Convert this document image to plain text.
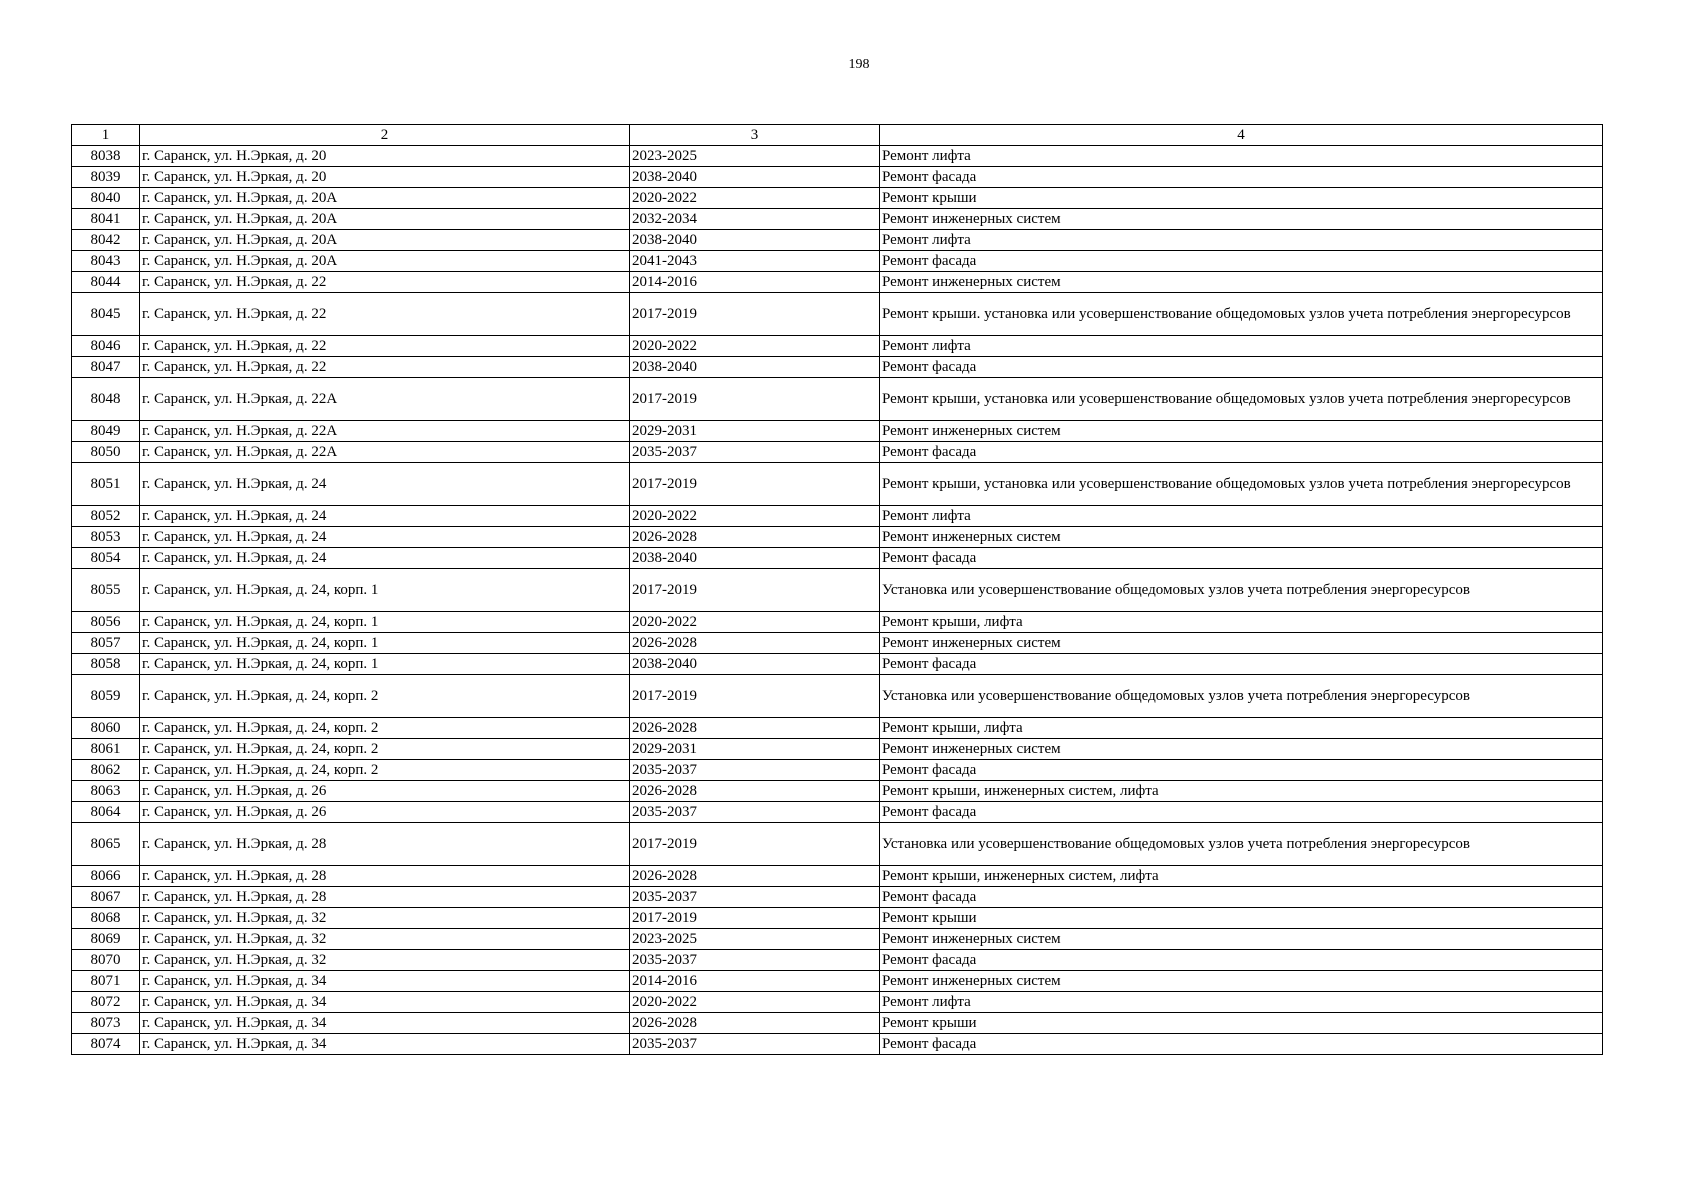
198
1	2	3	4
8038	г. Саранск, ул. Н.Эркая, д. 20	2023-2025	Ремонт лифта
8039	г. Саранск, ул. Н.Эркая, д. 20	2038-2040	Ремонт фасада
8040	г. Саранск, ул. Н.Эркая, д. 20А	2020-2022	Ремонт крыши
8041	г. Саранск, ул. Н.Эркая, д. 20А	2032-2034	Ремонт инженерных систем
8042	г. Саранск, ул. Н.Эркая, д. 20А	2038-2040	Ремонт лифта
8043	г. Саранск, ул. Н.Эркая, д. 20А	2041-2043	Ремонт фасада
8044	г. Саранск, ул. Н.Эркая, д. 22	2014-2016	Ремонт инженерных систем
8045	г. Саранск, ул. Н.Эркая, д. 22	2017-2019	Ремонт крыши. установка или усовершенствование общедомовых узлов учета потребления энергоресурсов
8046	г. Саранск, ул. Н.Эркая, д. 22	2020-2022	Ремонт лифта
8047	г. Саранск, ул. Н.Эркая, д. 22	2038-2040	Ремонт фасада
8048	г. Саранск, ул. Н.Эркая, д. 22А	2017-2019	Ремонт крыши, установка или усовершенствование общедомовых узлов учета потребления энергоресурсов
8049	г. Саранск, ул. Н.Эркая, д. 22А	2029-2031	Ремонт инженерных систем
8050	г. Саранск, ул. Н.Эркая, д. 22А	2035-2037	Ремонт фасада
8051	г. Саранск, ул. Н.Эркая, д. 24	2017-2019	Ремонт крыши, установка или усовершенствование общедомовых узлов учета потребления энергоресурсов
8052	г. Саранск, ул. Н.Эркая, д. 24	2020-2022	Ремонт лифта
8053	г. Саранск, ул. Н.Эркая, д. 24	2026-2028	Ремонт инженерных систем
8054	г. Саранск, ул. Н.Эркая, д. 24	2038-2040	Ремонт фасада
8055	г. Саранск, ул. Н.Эркая, д. 24, корп. 1	2017-2019	Установка или усовершенствование общедомовых узлов учета потребления энергоресурсов
8056	г. Саранск, ул. Н.Эркая, д. 24, корп. 1	2020-2022	Ремонт крыши, лифта
8057	г. Саранск, ул. Н.Эркая, д. 24, корп. 1	2026-2028	Ремонт инженерных систем
8058	г. Саранск, ул. Н.Эркая, д. 24, корп. 1	2038-2040	Ремонт фасада
8059	г. Саранск, ул. Н.Эркая, д. 24, корп. 2	2017-2019	Установка или усовершенствование общедомовых узлов учета потребления энергоресурсов
8060	г. Саранск, ул. Н.Эркая, д. 24, корп. 2	2026-2028	Ремонт крыши, лифта
8061	г. Саранск, ул. Н.Эркая, д. 24, корп. 2	2029-2031	Ремонт инженерных систем
8062	г. Саранск, ул. Н.Эркая, д. 24, корп. 2	2035-2037	Ремонт фасада
8063	г. Саранск, ул. Н.Эркая, д. 26	2026-2028	Ремонт крыши, инженерных систем, лифта
8064	г. Саранск, ул. Н.Эркая, д. 26	2035-2037	Ремонт фасада
8065	г. Саранск, ул. Н.Эркая, д. 28	2017-2019	Установка или усовершенствование общедомовых узлов учета потребления энергоресурсов
8066	г. Саранск, ул. Н.Эркая, д. 28	2026-2028	Ремонт крыши, инженерных систем, лифта
8067	г. Саранск, ул. Н.Эркая, д. 28	2035-2037	Ремонт фасада
8068	г. Саранск, ул. Н.Эркая, д. 32	2017-2019	Ремонт крыши
8069	г. Саранск, ул. Н.Эркая, д. 32	2023-2025	Ремонт инженерных систем
8070	г. Саранск, ул. Н.Эркая, д. 32	2035-2037	Ремонт фасада
8071	г. Саранск, ул. Н.Эркая, д. 34	2014-2016	Ремонт инженерных систем
8072	г. Саранск, ул. Н.Эркая, д. 34	2020-2022	Ремонт лифта
8073	г. Саранск, ул. Н.Эркая, д. 34	2026-2028	Ремонт крыши
8074	г. Саранск, ул. Н.Эркая, д. 34	2035-2037	Ремонт фасада
